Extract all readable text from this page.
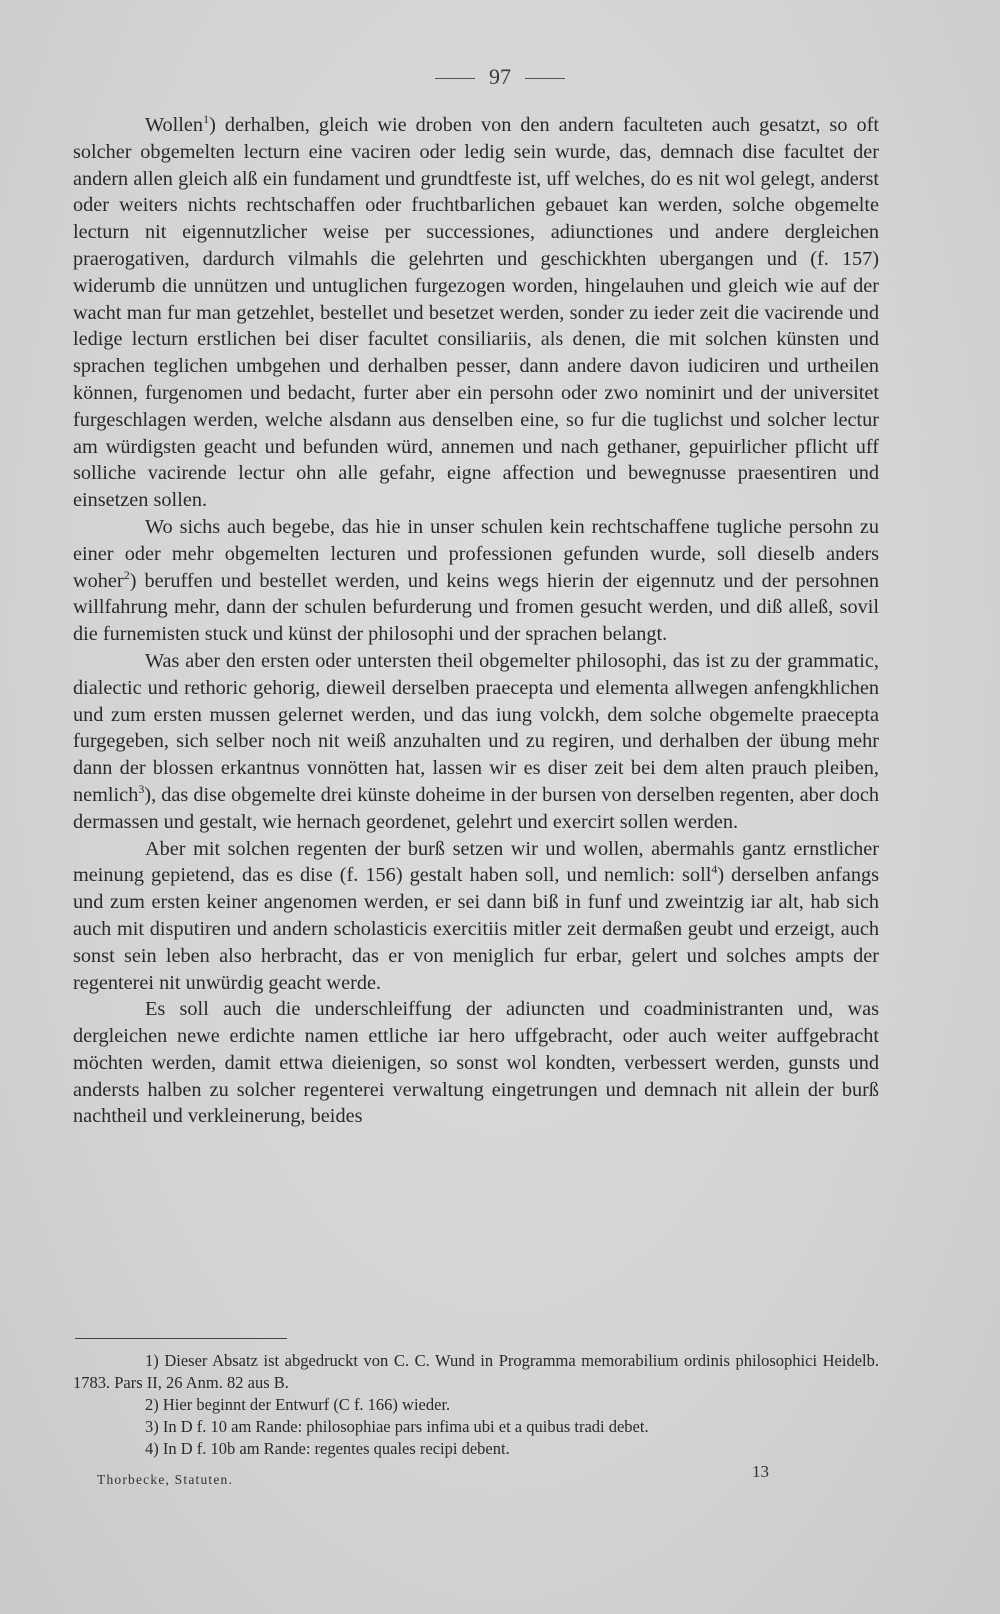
97

Wollen$^1$) derhalben, gleich wie droben von den andern faculteten auch gesatzt, so oft solcher obgemelten lecturn eine vaciren oder ledig sein wurde, das, demnach dise facultet der andern allen gleich alß ein fundament und grundtfeste ist, uff welches, do es nit wol gelegt, anderst oder weiters nichts rechtschaffen oder fruchtbarlichen gebauet kan werden, solche obgemelte lecturn nit eigennutzlicher weise per successiones, adiunctiones und andere dergleichen praerogativen, dardurch vilmahls die gelehrten und geschickhten ubergangen und (f. 157) widerumb die unnützen und untuglichen furgezogen worden, hingelauhen und gleich wie auf der wacht man fur man getzehlet, bestellet und besetzet werden, sonder zu ieder zeit die vacirende und ledige lecturn erstlichen bei diser facultet consiliariis, als denen, die mit solchen künsten und sprachen teglichen umbgehen und derhalben pesser, dann andere davon iudiciren und urtheilen können, furgenomen und bedacht, furter aber ein persohn oder zwo nominirt und der universitet furgeschlagen werden, welche alsdann aus denselben eine, so fur die tuglichst und solcher lectur am würdigsten geacht und befunden würd, annemen und nach gethaner, gepuirlicher pflicht uff solliche vacirende lectur ohn alle gefahr, eigne affection und bewegnusse praesentiren und einsetzen sollen.

Wo sichs auch begebe, das hie in unser schulen kein rechtschaffene tugliche persohn zu einer oder mehr obgemelten lecturen und professionen gefunden wurde, soll dieselb anders woher$^2$) beruffen und bestellet werden, und keins wegs hierin der eigennutz und der persohnen willfahrung mehr, dann der schulen befurderung und fromen gesucht werden, und diß alleß, sovil die furnemisten stuck und künst der philosophi und der sprachen belangt.

Was aber den ersten oder untersten theil obgemelter philosophi, das ist zu der grammatic, dialectic und rethoric gehorig, dieweil derselben praecepta und elementa allwegen anfengkhlichen und zum ersten mussen gelernet werden, und das iung volckh, dem solche obgemelte praecepta furgegeben, sich selber noch nit weiß anzuhalten und zu regiren, und derhalben der übung mehr dann der blossen erkantnus vonnötten hat, lassen wir es diser zeit bei dem alten prauch pleiben, nemlich$^3$), das dise obgemelte drei künste doheime in der bursen von derselben regenten, aber doch dermassen und gestalt, wie hernach geordenet, gelehrt und exercirt sollen werden.

Aber mit solchen regenten der burß setzen wir und wollen, abermahls gantz ernstlicher meinung gepietend, das es dise (f. 156) gestalt haben soll, und nemlich: soll$^4$) derselben anfangs und zum ersten keiner angenomen werden, er sei dann biß in funf und zweintzig iar alt, hab sich auch mit disputiren und andern scholasticis exercitiis mitler zeit dermaßen geubt und erzeigt, auch sonst sein leben also herbracht, das er von meniglich fur erbar, gelert und solches ampts der regenterei nit unwürdig geacht werde.

Es soll auch die underschleiffung der adiuncten und coadministranten und, was dergleichen newe erdichte namen ettliche iar hero uffgebracht, oder auch weiter auffgebracht möchten werden, damit ettwa dieienigen, so sonst wol kondten, verbessert werden, gunsts und andersts halben zu solcher regenterei verwaltung eingetrungen und demnach nit allein der burß nachtheil und verkleinerung, beides

1) Dieser Absatz ist abgedruckt von C. C. Wund in Programma memorabilium ordinis philosophici Heidelb. 1783. Pars II, 26 Anm. 82 aus B.

2) Hier beginnt der Entwurf (C f. 166) wieder.

3) In D f. 10 am Rande: philosophiae pars infima ubi et a quibus tradi debet.

4) In D f. 10b am Rande: regentes quales recipi debent.

Thorbecke, Statuten.	13
